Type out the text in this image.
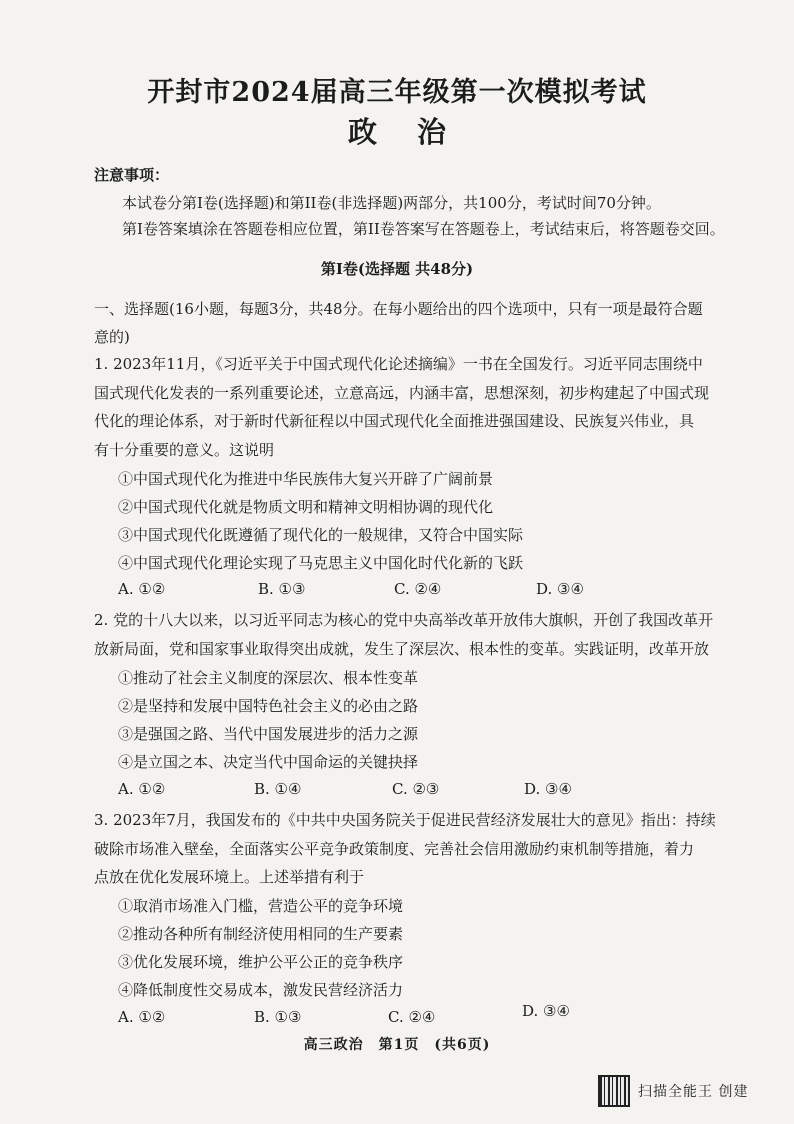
开封市2024届高三年级第一次模拟考试
政治
注意事项：
本试卷分第I卷(选择题)和第II卷(非选择题)两部分，共100分，考试时间70分钟。
第I卷答案填涂在答题卷相应位置，第II卷答案写在答题卷上，考试结束后，将答题卷交回。
第I卷(选择题 共48分)
一、选择题(16小题，每题3分，共48分。在每小题给出的四个选项中，只有一项是最符合题
意的)
1. 2023年11月，《习近平关于中国式现代化论述摘编》一书在全国发行。习近平同志围绕中
国式现代化发表的一系列重要论述，立意高远，内涵丰富，思想深刻，初步构建起了中国式现
代化的理论体系，对于新时代新征程以中国式现代化全面推进强国建设、民族复兴伟业，具
有十分重要的意义。这说明
①中国式现代化为推进中华民族伟大复兴开辟了广阔前景
②中国式现代化就是物质文明和精神文明相协调的现代化
③中国式现代化既遵循了现代化的一般规律，又符合中国实际
④中国式现代化理论实现了马克思主义中国化时代化新的飞跃
A. ①②	B. ①③	C. ②④	D. ③④
2. 党的十八大以来，以习近平同志为核心的党中央高举改革开放伟大旗帜，开创了我国改革开
放新局面，党和国家事业取得突出成就，发生了深层次、根本性的变革。实践证明，改革开放
①推动了社会主义制度的深层次、根本性变革
②是坚持和发展中国特色社会主义的必由之路
③是强国之路、当代中国发展进步的活力之源
④是立国之本、决定当代中国命运的关键抉择
A. ①②	B. ①④	C. ②③	D. ③④
3. 2023年7月，我国发布的《中共中央国务院关于促进民营经济发展壮大的意见》指出：持续
破除市场准入壁垒，全面落实公平竞争政策制度、完善社会信用激励约束机制等措施，着力
点放在优化发展环境上。上述举措有利于
①取消市场准入门槛，营造公平的竞争环境
②推动各种所有制经济使用相同的生产要素
③优化发展环境，维护公平公正的竞争秩序
④降低制度性交易成本，激发民营经济活力
A. ①②	B. ①③	C. ②④	D. ③④
高三政治　第1页　(共6页)
扫描全能王 创建
